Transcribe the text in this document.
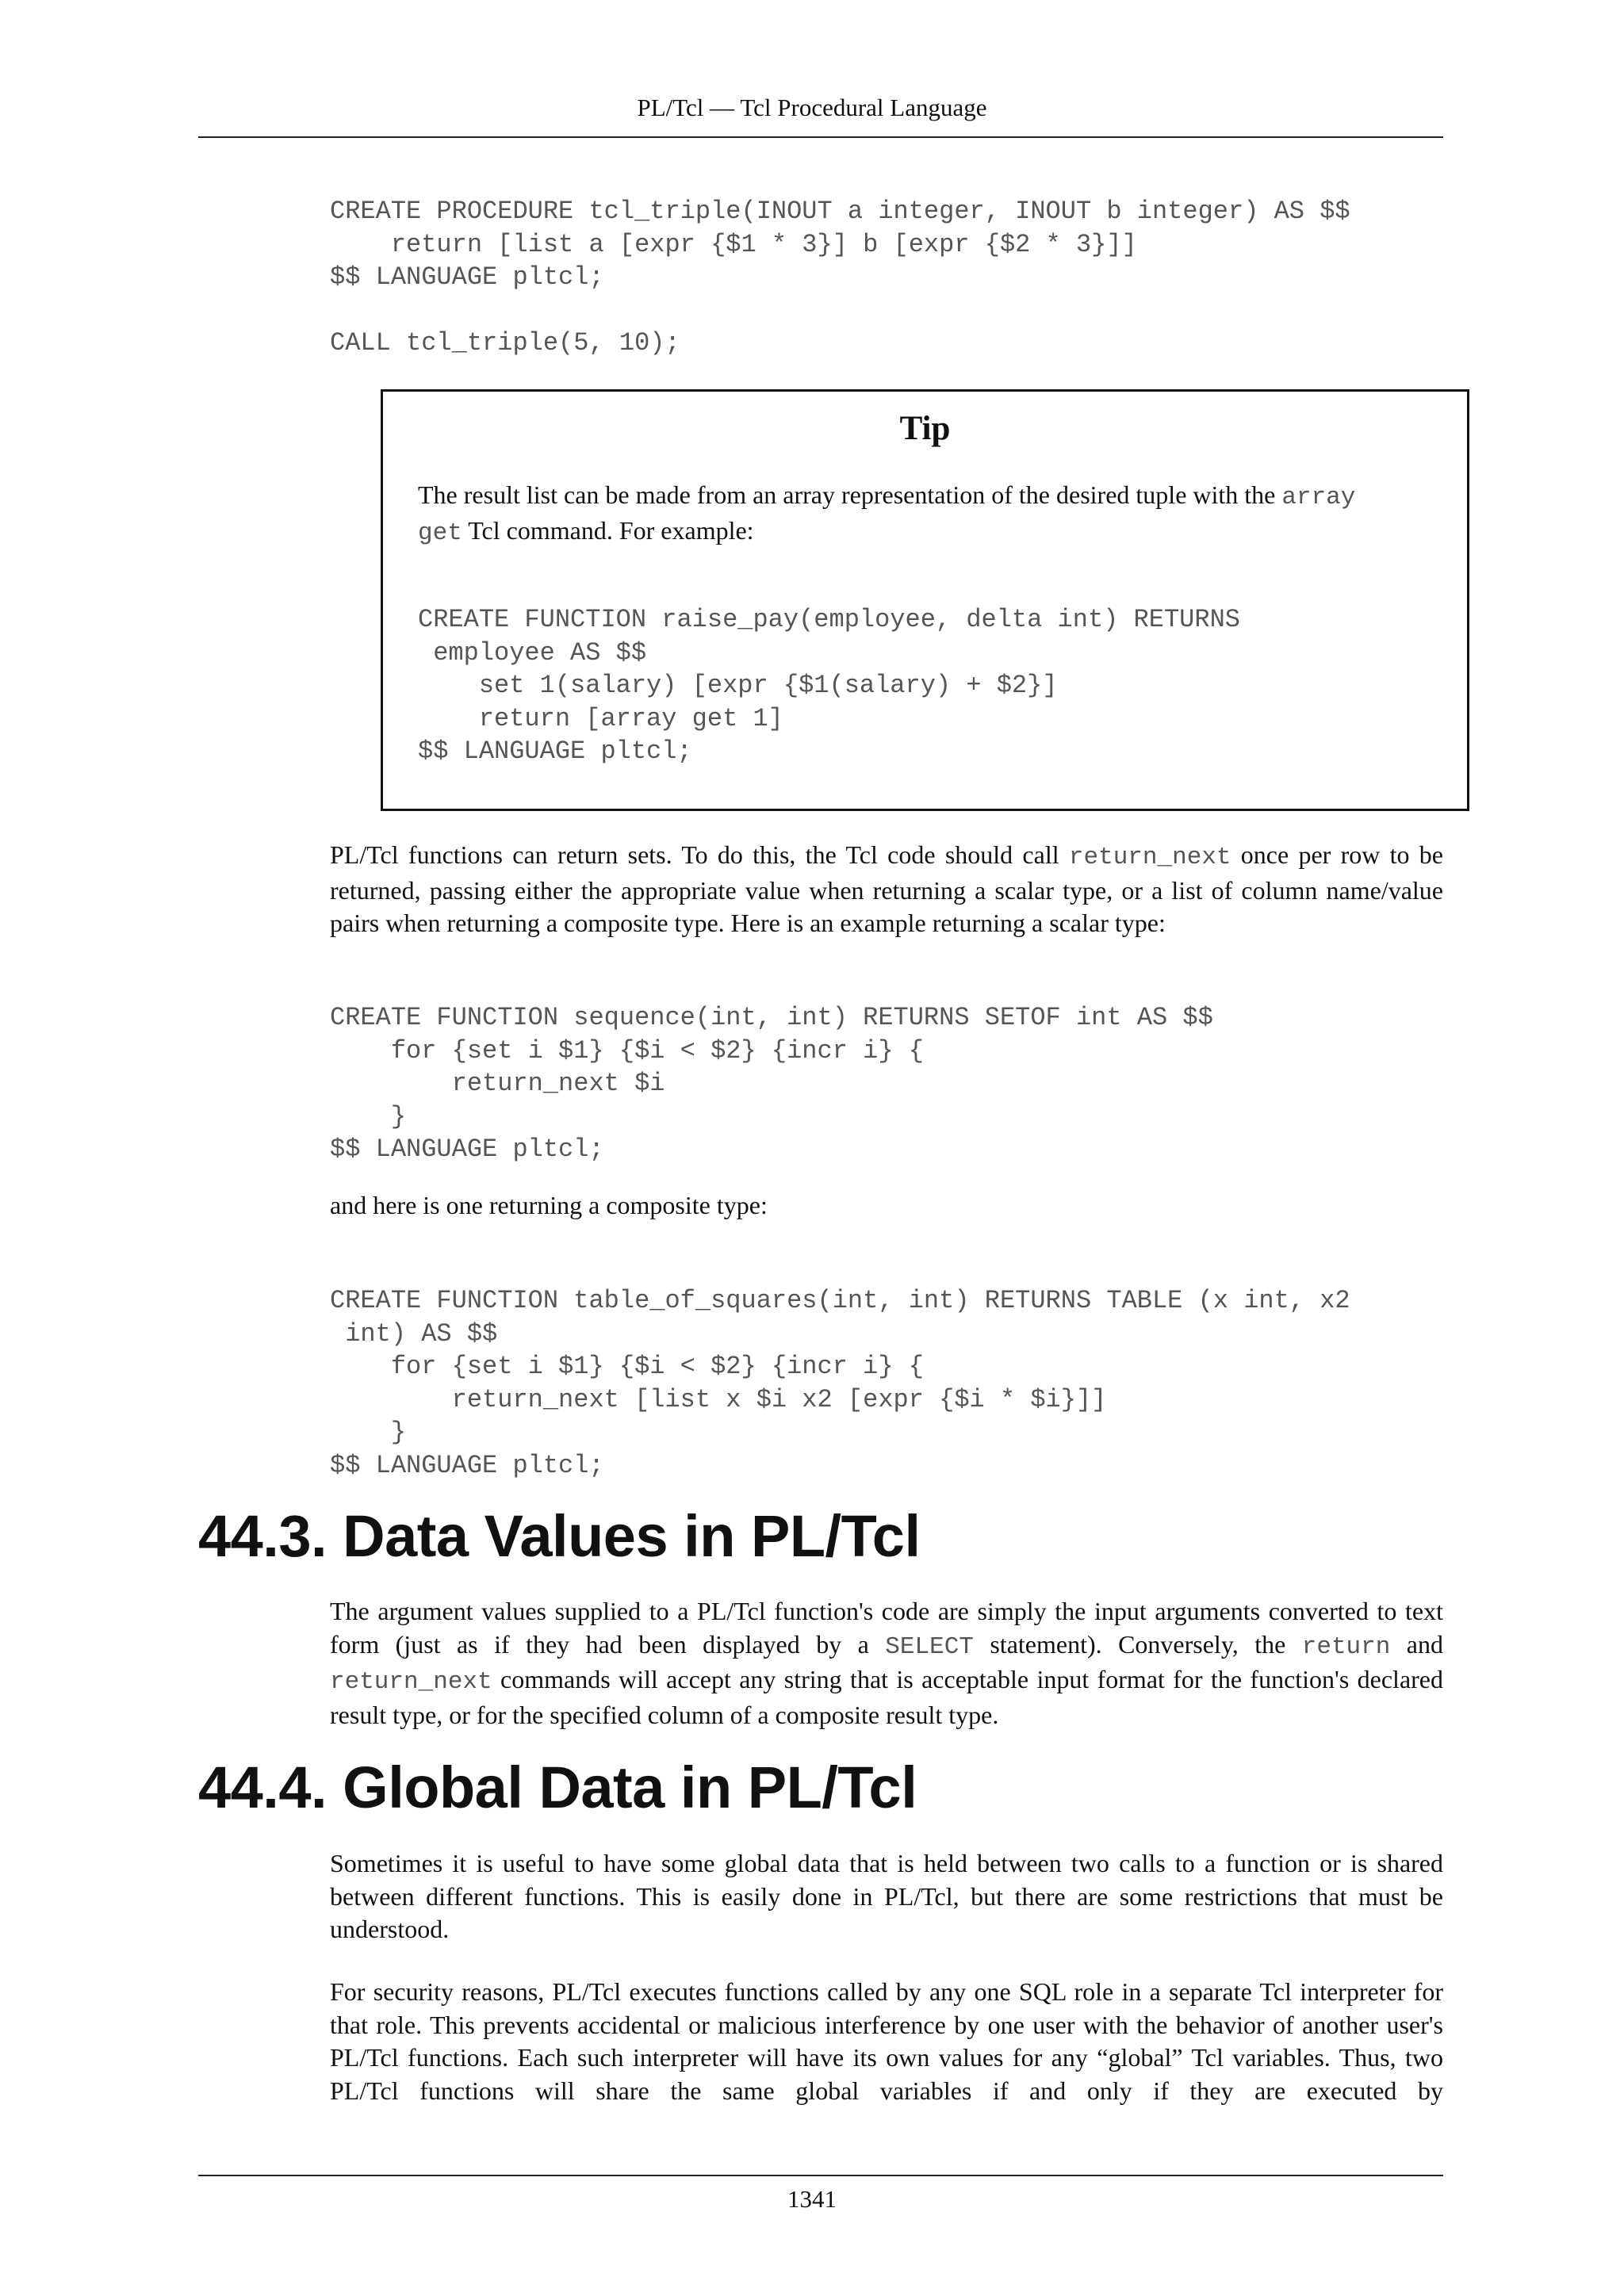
PL/Tcl — Tcl Procedural Language
CREATE PROCEDURE tcl_triple(INOUT a integer, INOUT b integer) AS $$
return [list a [expr {$1 * 3}] b [expr {$2 * 3}]]
$$ LANGUAGE pltcl;

CALL tcl_triple(5, 10);
Tip
The result list can be made from an array representation of the desired tuple with the array
get Tcl command. For example:
CREATE FUNCTION raise_pay(employee, delta int) RETURNS
employee AS $$
set 1(salary) [expr {$1(salary) + $2}]
return [array get 1]
$$ LANGUAGE pltcl;
PL/Tcl functions can return sets. To do this, the Tcl code should call return_next once per row to be returned, passing either the appropriate value when returning a scalar type, or a list of column name/value pairs when returning a composite type. Here is an example returning a scalar type:
CREATE FUNCTION sequence(int, int) RETURNS SETOF int AS $$
for {set i $1} {$i < $2} {incr i} {
return_next $i
}
$$ LANGUAGE pltcl;
and here is one returning a composite type:
CREATE FUNCTION table_of_squares(int, int) RETURNS TABLE (x int, x2
int) AS $$
for {set i $1} {$i < $2} {incr i} {
return_next [list x $i x2 [expr {$i * $i}]]
}
$$ LANGUAGE pltcl;
44.3. Data Values in PL/Tcl
The argument values supplied to a PL/Tcl function's code are simply the input arguments converted to text form (just as if they had been displayed by a SELECT statement). Conversely, the return and return_next commands will accept any string that is acceptable input format for the function's declared result type, or for the specified column of a composite result type.
44.4. Global Data in PL/Tcl
Sometimes it is useful to have some global data that is held between two calls to a function or is shared between different functions. This is easily done in PL/Tcl, but there are some restrictions that must be understood.
For security reasons, PL/Tcl executes functions called by any one SQL role in a separate Tcl interpreter for that role. This prevents accidental or malicious interference by one user with the behavior of another user's PL/Tcl functions. Each such interpreter will have its own values for any “global” Tcl variables. Thus, two PL/Tcl functions will share the same global variables if and only if they are executed by
1341
